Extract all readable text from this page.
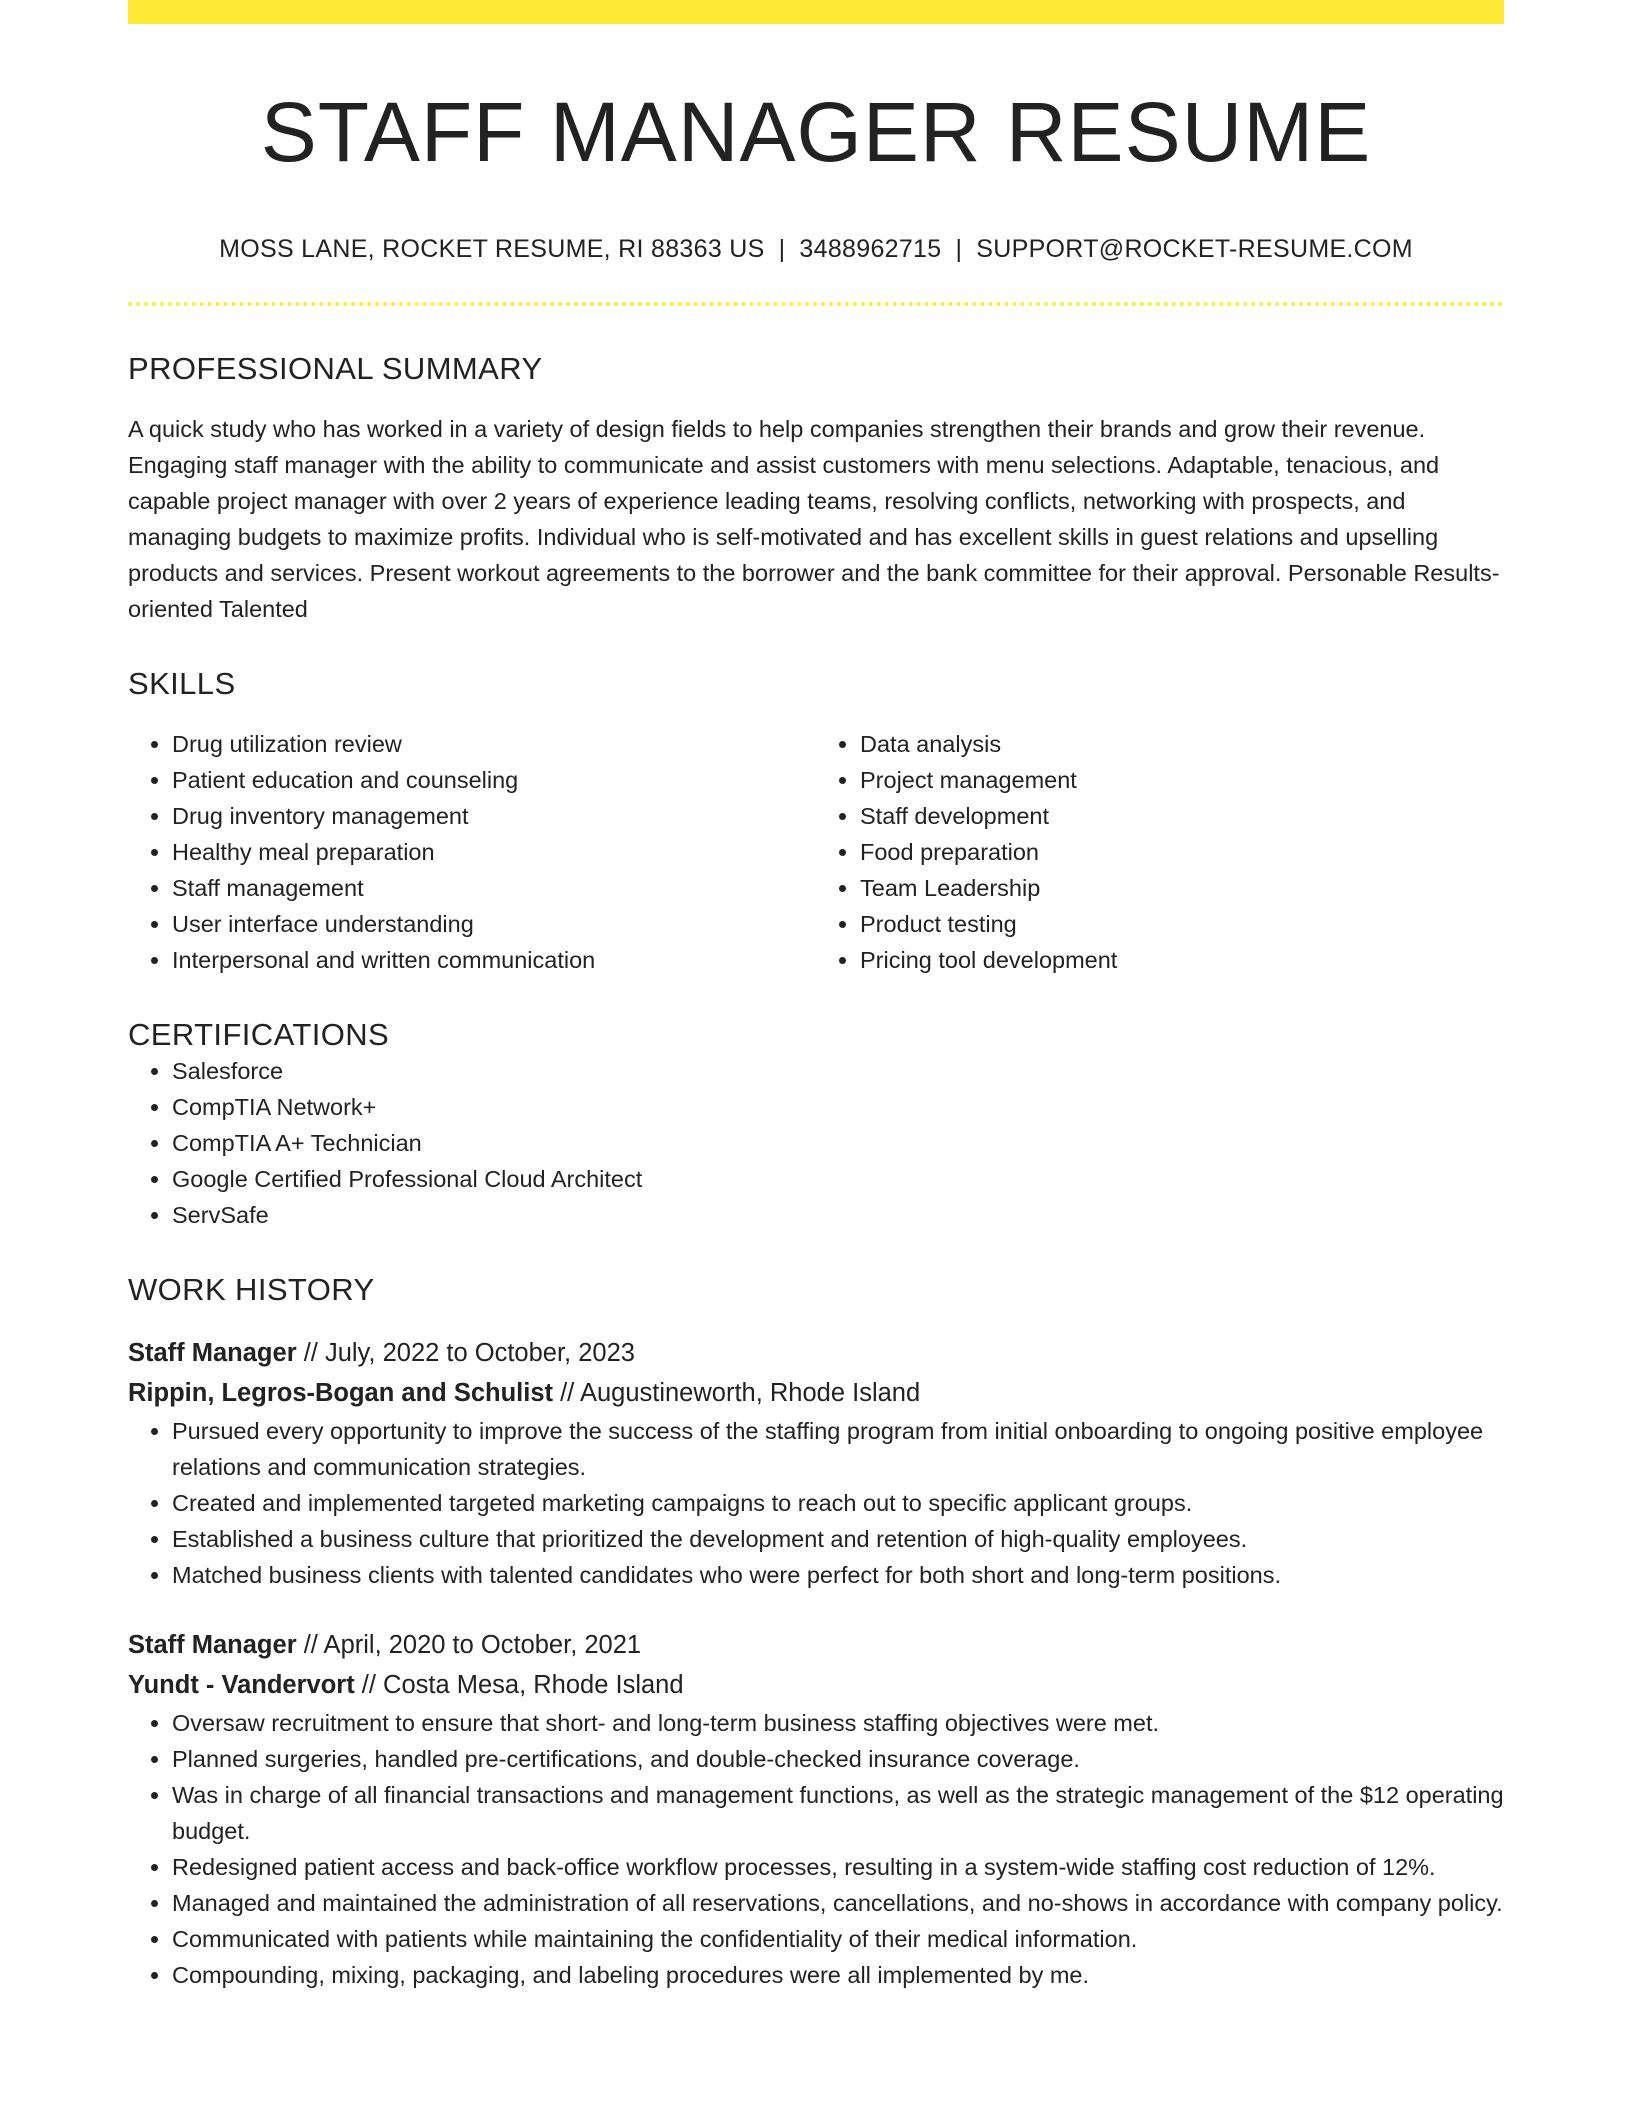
STAFF MANAGER RESUME
MOSS LANE, ROCKET RESUME, RI 88363 US | 3488962715 | SUPPORT@ROCKET-RESUME.COM
PROFESSIONAL SUMMARY

A quick study who has worked in a variety of design fields to help companies strengthen their brands and grow their revenue. Engaging staff manager with the ability to communicate and assist customers with menu selections. Adaptable, tenacious, and capable project manager with over 2 years of experience leading teams, resolving conflicts, networking with prospects, and managing budgets to maximize profits. Individual who is self-motivated and has excellent skills in guest relations and upselling products and services. Present workout agreements to the borrower and the bank committee for their approval. Personable Results-oriented Talented

SKILLS
• Drug utilization review
• Patient education and counseling
• Drug inventory management
• Healthy meal preparation
• Staff management
• User interface understanding
• Interpersonal and written communication
• Data analysis
• Project management
• Staff development
• Food preparation
• Team Leadership
• Product testing
• Pricing tool development
CERTIFICATIONS
• Salesforce
• CompTIA Network+
• CompTIA A+ Technician
• Google Certified Professional Cloud Architect
• ServSafe
WORK HISTORY
Staff Manager // July, 2022 to October, 2023
Rippin, Legros-Bogan and Schulist // Augustineworth, Rhode Island
• Pursued every opportunity to improve the success of the staffing program from initial onboarding to ongoing positive employee relations and communication strategies.
• Created and implemented targeted marketing campaigns to reach out to specific applicant groups.
• Established a business culture that prioritized the development and retention of high-quality employees.
• Matched business clients with talented candidates who were perfect for both short and long-term positions.
Staff Manager // April, 2020 to October, 2021
Yundt - Vandervort // Costa Mesa, Rhode Island
• Oversaw recruitment to ensure that short- and long-term business staffing objectives were met.
• Planned surgeries, handled pre-certifications, and double-checked insurance coverage.
• Was in charge of all financial transactions and management functions, as well as the strategic management of the $12 operating budget.
• Redesigned patient access and back-office workflow processes, resulting in a system-wide staffing cost reduction of 12%.
• Managed and maintained the administration of all reservations, cancellations, and no-shows in accordance with company policy.
• Communicated with patients while maintaining the confidentiality of their medical information.
• Compounding, mixing, packaging, and labeling procedures were all implemented by me.
